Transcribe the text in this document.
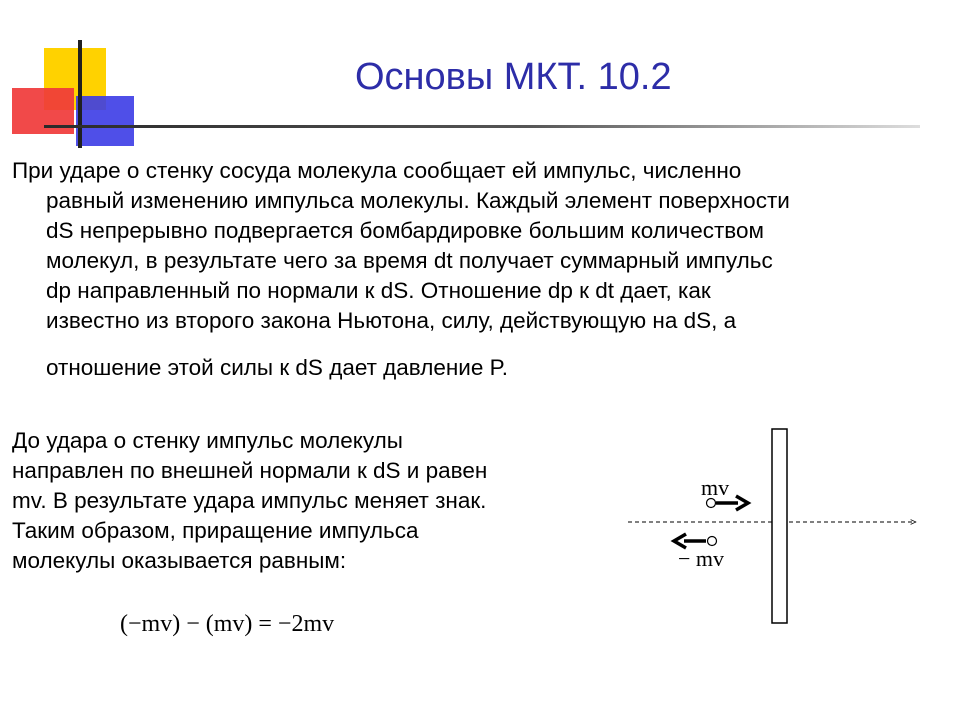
Основы МКТ. 10.2
При ударе о стенку сосуда молекула сообщает ей импульс, численно
равный изменению импульса молекулы. Каждый элемент поверхности
dS непрерывно подвергается бомбардировке большим количеством
молекул, в результате чего за время dt получает суммарный импульс
dp направленный по нормали к dS. Отношение dp к dt дает, как
известно из второго закона Ньютона, силу, действующую на dS, а
отношение этой силы к dS дает давление P.
До удара о стенку импульс молекулы
направлен по внешней нормали к dS и равен
mv. В результате удара импульс меняет знак.
Таким образом, приращение импульса
молекулы оказывается равным:
(−mv) − (mv) = −2mv
mv
− mv
